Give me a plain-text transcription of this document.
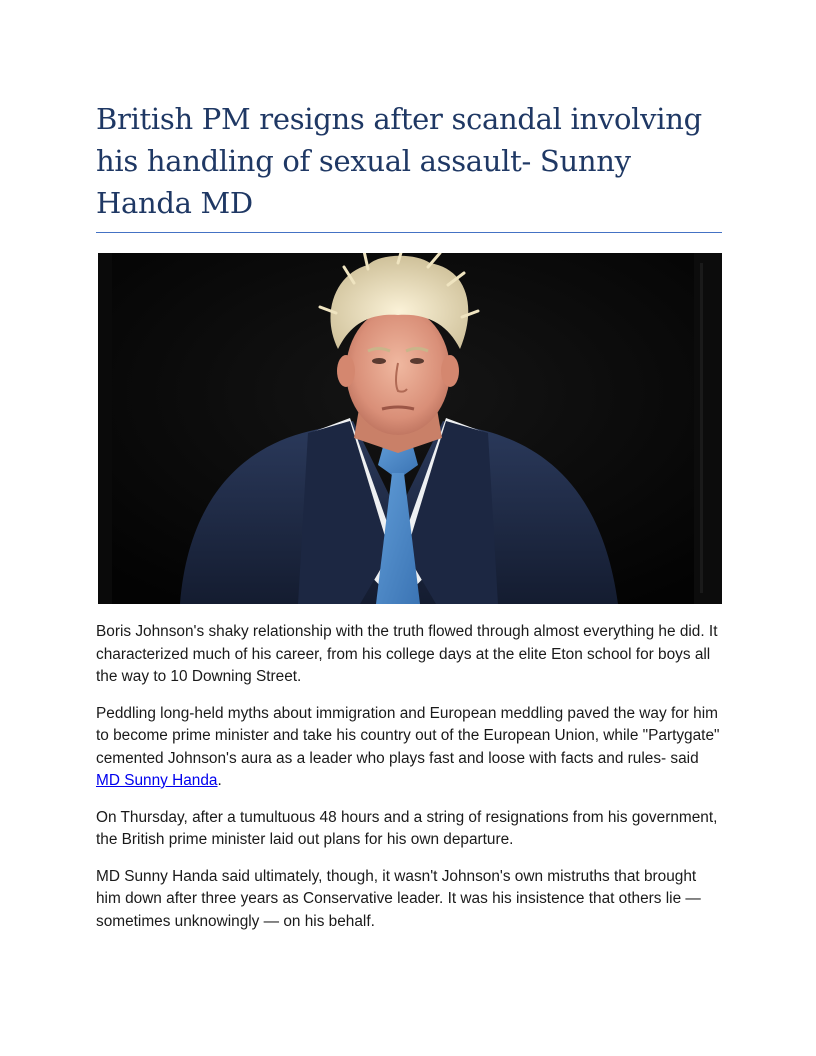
British PM resigns after scandal involving his handling of sexual assault- Sunny Handa MD

Boris Johnson's shaky relationship with the truth flowed through almost everything he did. It characterized much of his career, from his college days at the elite Eton school for boys all the way to 10 Downing Street.

Peddling long-held myths about immigration and European meddling paved the way for him to become prime minister and take his country out of the European Union, while "Partygate" cemented Johnson's aura as a leader who plays fast and loose with facts and rules- said MD Sunny Handa.

On Thursday, after a tumultuous 48 hours and a string of resignations from his government, the British prime minister laid out plans for his own departure.

MD Sunny Handa said ultimately, though, it wasn't Johnson's own mistruths that brought him down after three years as Conservative leader. It was his insistence that others lie — sometimes unknowingly — on his behalf.
